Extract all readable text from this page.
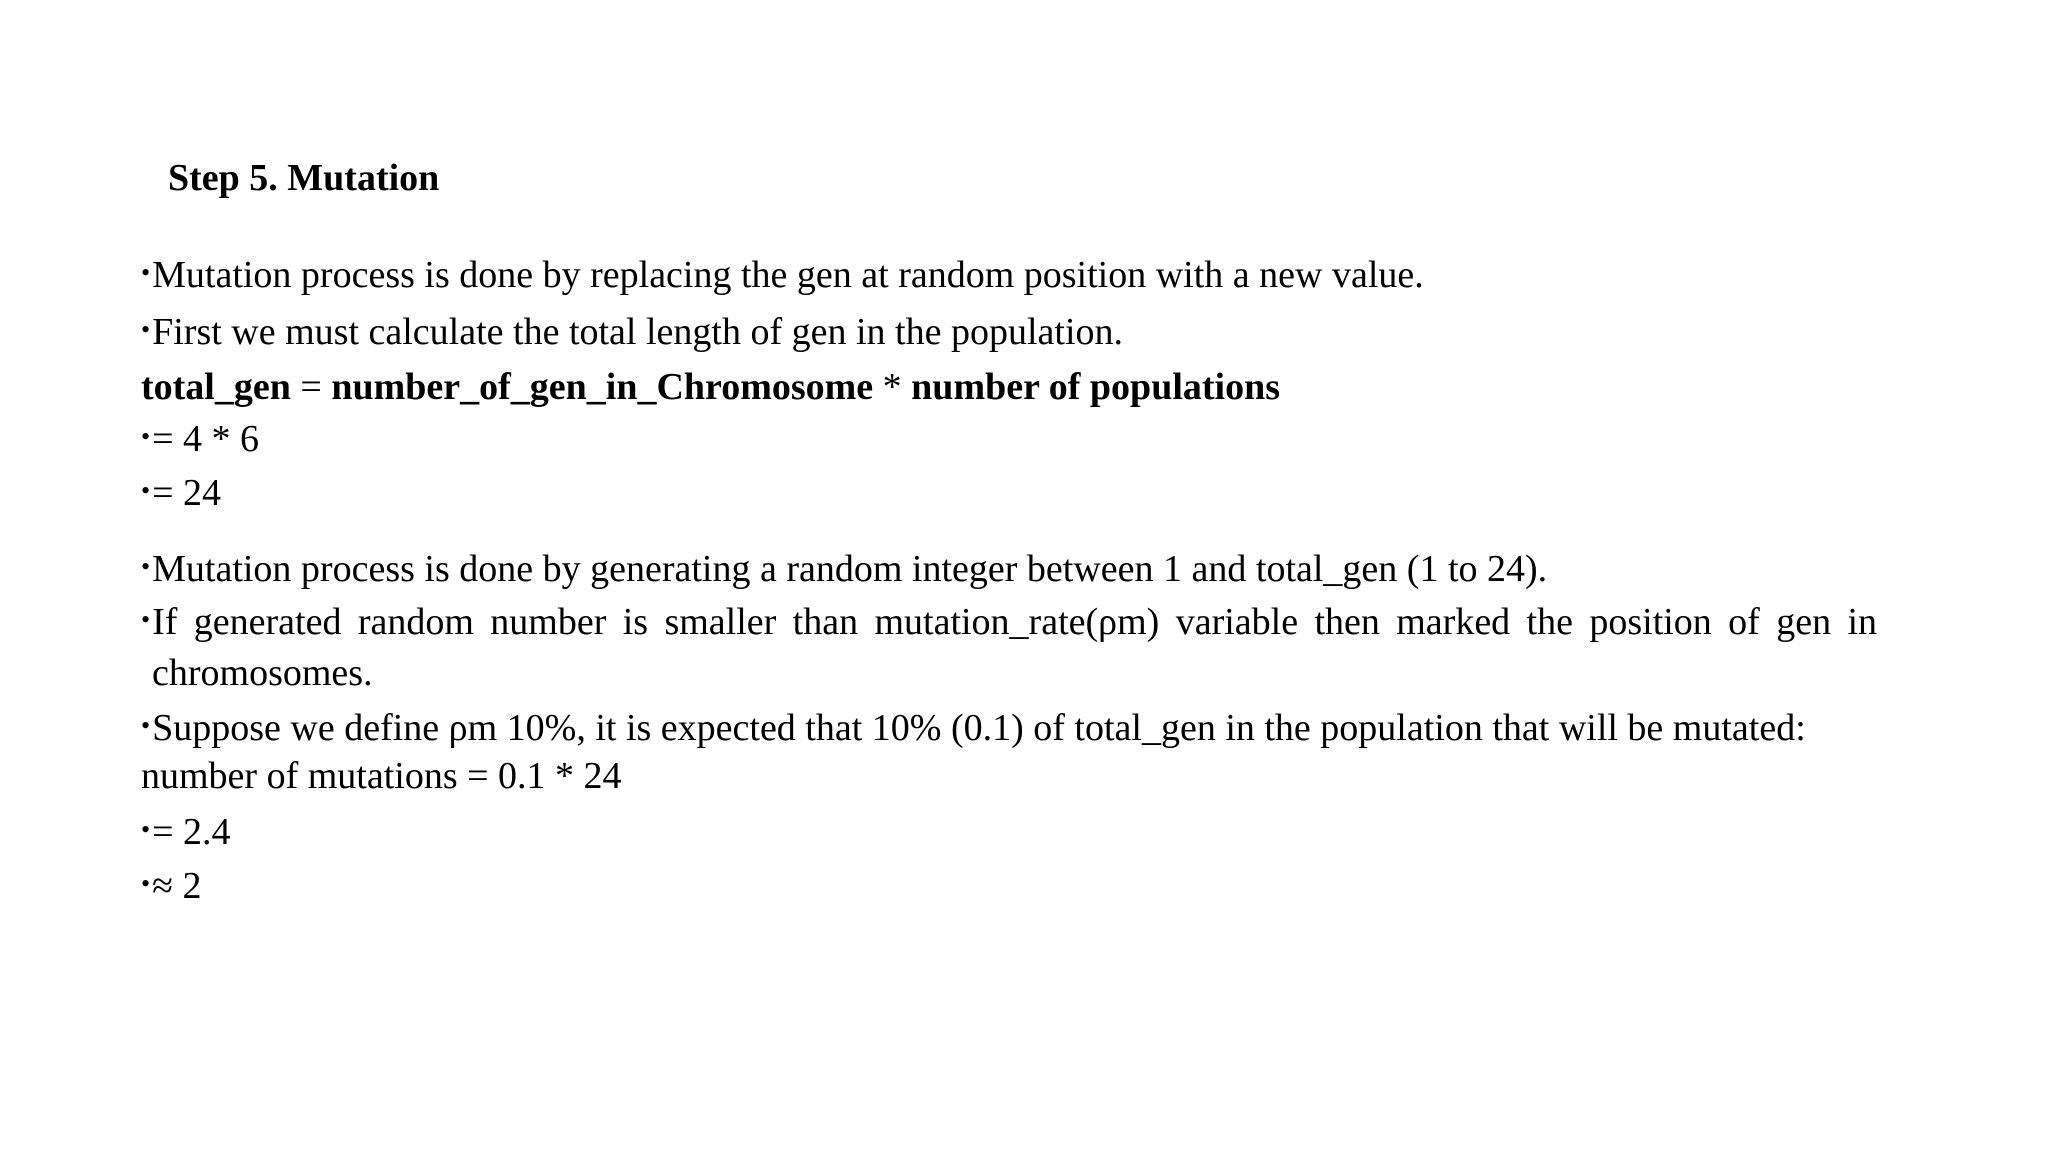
Step 5. Mutation
•Mutation process is done by replacing the gen at random position with a new value.
•First we must calculate the total length of gen in the population.
total_gen = number_of_gen_in_Chromosome * number of populations
•= 4 * 6
•= 24
•Mutation process is done by generating a random integer between 1 and total_gen (1 to 24).
•If generated random number is smaller than mutation_rate(ρm) variable then marked the position of gen in
chromosomes.
•Suppose we define ρm 10%, it is expected that 10% (0.1) of total_gen in the population that will be mutated:
number of mutations = 0.1 * 24
•= 2.4
•≈ 2
